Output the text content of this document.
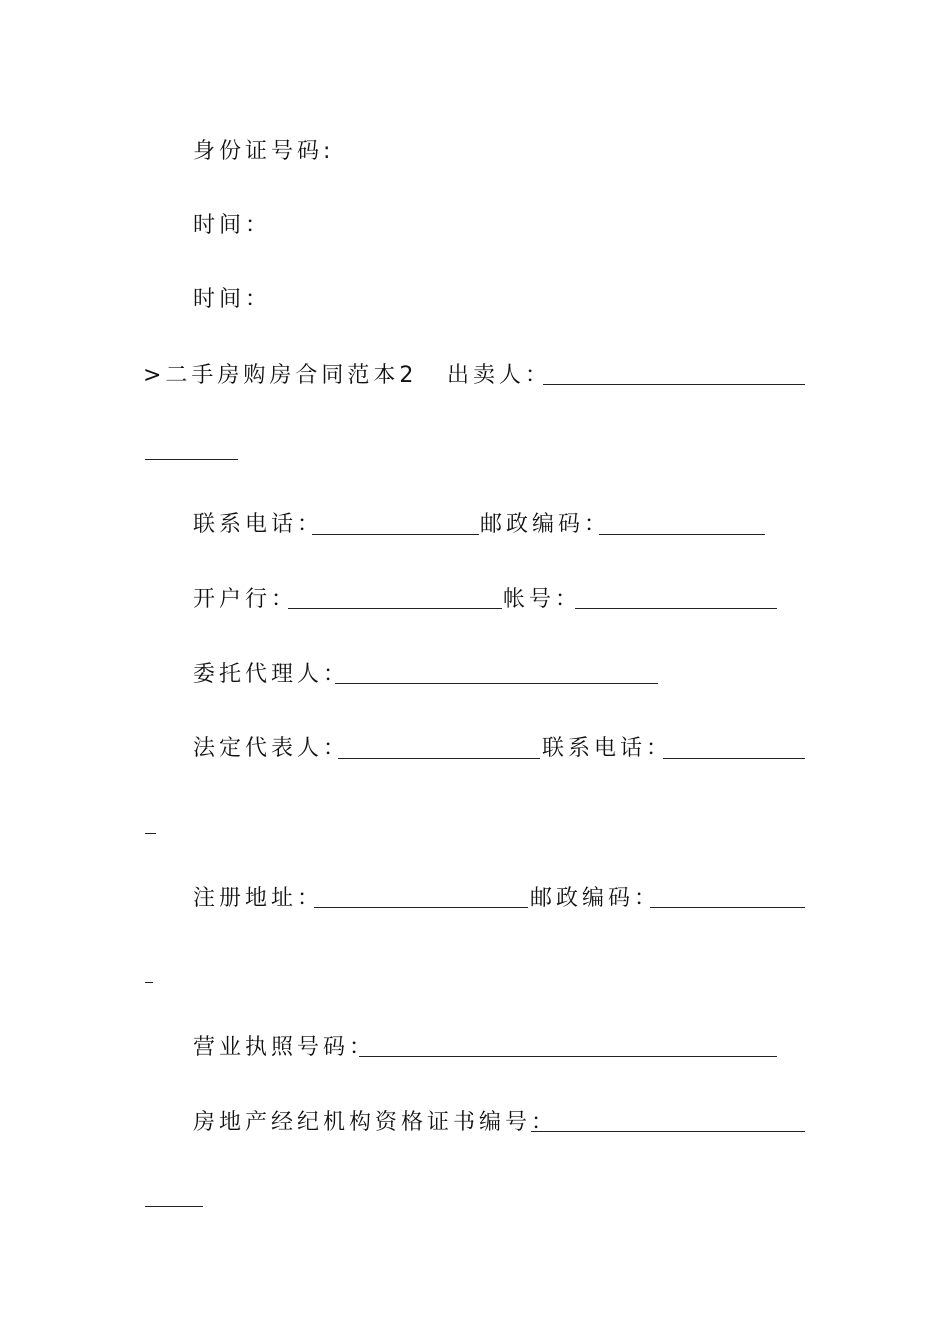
身份证号码:
时间：
时间：
>二手房购房合同范本2 出卖人：
联系电话：	邮政编码：
开户行：	帐号：
委托代理人：
法定代表人：	联系电话：
注册地址：	邮政编码：
营业执照号码：
房地产经纪机构资格证书编号：
